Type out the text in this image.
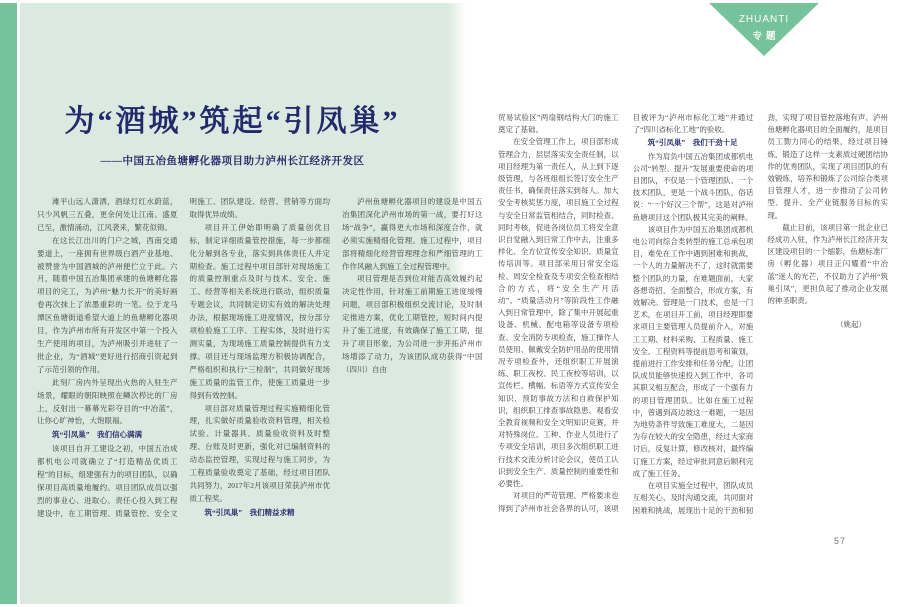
为“酒城”筑起“引凤巢”
——中国五冶鱼塘孵化器项目助力泸州长江经济开发区

滩平山远人潇洒，酒绿灯红水蔚蓝，只少风帆三五叠，更余何处让江南。盛夏已至，激情涌动，江风袭来，繁花似锦。

在这长江出川的门户之城，西南交通要道上，一座拥有世界级白酒产业基地、被赞誉为中国酒城的泸州便伫立于此。六月，随着中国五冶集团承建的鱼塘孵化器项目的完工，为泸州“魅力长开”的美好画卷再次抹上了浓墨重彩的一笔。位于龙马潭区鱼塘街道希望大道上的鱼塘孵化器项目，作为泸州市所有开发区中第一个投入生产使用的项目，为泸州吸引并进驻了一批企业，为“酒城”更好进行招商引资起到了示范引领的作用。

此刻厂房内外呈现出火热的入驻生产场景，耀眼的朝阳映照在鳞次栉比的厂房上，反射出一幕幕光彩夺目的“中冶蓝”，让你心旷神怡，大饱眼福。

筑“引凤巢”　我们信心满满

该项目自开工建设之初，中国五冶成都机电公司就确立了“打造精品优质工程”的目标，组建强有力的项目团队，以确保项目高质量地履约。项目团队成员以强烈的事业心、进取心、责任心投入到工程建设中，在工期管理、质量管控、安全文明施工、团队建设、经营、营销等方面均取得优异成绩。

项目开工伊始即明确了质量创优目标，制定详细质量管控措施，每一步都细化分解到各专业，落实到具体责任人并定期检查。施工过程中项目部针对现场施工的质量控制重点及时与技术、安全、施工、经营等相关系统进行联动，组织质量专题会议，共同制定切实有效的解决处理办法，根据现场施工进度情况，按分部分项检验施工工序、工程实体，及时进行实测实量，为现场施工质量控制提供有力支撑。项目还与现场监理方积极协调配合，严格组织和执行“三检制”，共同做好现场施工质量的监管工作，使施工质量进一步得到有效控制。

项目部对质量管理过程实施精细化管理，扎实做好质量验收资料管理，相关检试验、计量器具、质量验收资料及时整理、台账及时更新，强化对已编制资料的动态监控管理，实现过程与施工同步，为工程质量验收奠定了基础，经过项目团队共同努力，2017年2月该项目荣获泸州市优质工程奖。

筑“引凤巢”　我们精益求精

泸州鱼塘孵化器项目的建设是中国五冶集团深化泸州市场的第一战，要打好这场“战争”，赢得更大市场和深度合作，就必须实施精细化管理。施工过程中，项目部将精细化经营管理理念和严细管理的工作作风融入到施工全过程管理中。

项目管理是否到位对能否高效履约起决定性作用，针对施工前期施工进度缓慢问题，项目部积极组织交流讨论，及时制定推进方案，优化工期管控，短时间内提升了施工进度，有效确保了施工工期，提升了项目形象，为公司进一步开拓泸州市场增添了动力，为该团队成功获得“中国（四川）自由

ZHUANTI
专题

贸易试验区”两扇钢结构大门的施工奠定了基础。

在安全管理工作上，项目部形成管理合力，层层落实安全责任制，以项目经理为第一责任人，从上到下逐级管理，与各班组组长签订安全生产责任书，确保责任落实到每人。加大安全考核奖惩力度，项目施工全过程与安全日常监管相结合，同时检查、同时考核，促进各岗位员工将安全意识自觉融入到日常工作中去，注重多样化、全方位宣传安全知识、质量宣传培训等。项目部采用日常安全巡检、周安全检查及专项安全检查相结合的方式，将“安全生产月活动”、“质量活动月”等阶段性工作融入到日常管理中，除了集中开展起重设备、机械、配电箱等设备专项检查、安全消防专项检查，施工操作人员使用、佩戴安全防护用品的使用情况专项检查外，还组织职工开展演练、职工夜校、民工夜校等培训，以宣传栏、横幅、标语等方式宣传安全知识、预防事故方法和自救保护知识，组织职工排查事故隐患、观看安全教育视频和安全文明知识竞赛，并对特殊岗位、工种、作业人员进行了专项安全培训，项目多次组织职工进行技术交流分析讨论会议，使员工认识到安全生产、质量控制的重要性和必要性。

对项目的严苛管理、严格要求也得到了泸州市社会各界的认可，该项目被评为“泸州市标化工地”并通过了“四川省标化工地”的验收。

筑“引凤巢”　我们干劲十足

作为肩负中国五冶集团成都机电公司“转型、提升”发展重要使命的项目团队，不仅是一个管理团队、一个技术团队，更是一个战斗团队，俗话说：“一个好汉三个帮”，这是对泸州鱼塘项目这个团队极其完美的阐释。

该项目作为中国五冶集团成都机电公司向综合类转型的施工总承包项目，难免在工作中遇到困难和挑战，一个人的力量解决不了，这时就需要整个团队的力量，在难题面前，大家各想奇招，全面整合，形成方案，有效解决。管理是一门技术，也是一门艺术，在项目开工前，项目经理即要求项目主要管理人员提前介入，对施工工期、材料采购、工程质量、施工安全、工程资料等提前思考和策划，提前进行工作安排和任务分配，让团队成员能够快速投入到工作中，各司其职又相互配合，形成了一个强有力的项目管理团队。比如在施工过程中，曾遇到高边坡这一难题，一是因为地势条件导致施工难度大，二是因为存在较大的安全隐患，经过大家商讨后，反复计算，修改核对，最终编订施工方案，经过审批同意后顺利完成了施工任务。

在项目实施全过程中，团队成员互相关心、及时沟通交流，共同面对困难和挑战，展现出十足的干劲和韧劲，实现了项目管控落地有声。泸州鱼塘孵化器项目的全面履约，是项目员工勠力同心的结果，经过项目锤炼，锻造了这样一支素质过硬团结协作的优秀团队，实现了项目团队的有效锻炼，培养和锻炼了公司综合类项目管理人才，进一步推动了公司转型、提升、全产业链服务目标的实现。

截止目前，该项目第一批企业已经成功入驻，作为泸州长江经济开发区建设项目的一个缩影，鱼塘标准厂房（孵化器）项目正闪耀着“中冶蓝”迷人的光芒，不仅助力了泸州“筑巢引凤”，更担负起了推动企业发展的神圣职责。

（姚起）

57
